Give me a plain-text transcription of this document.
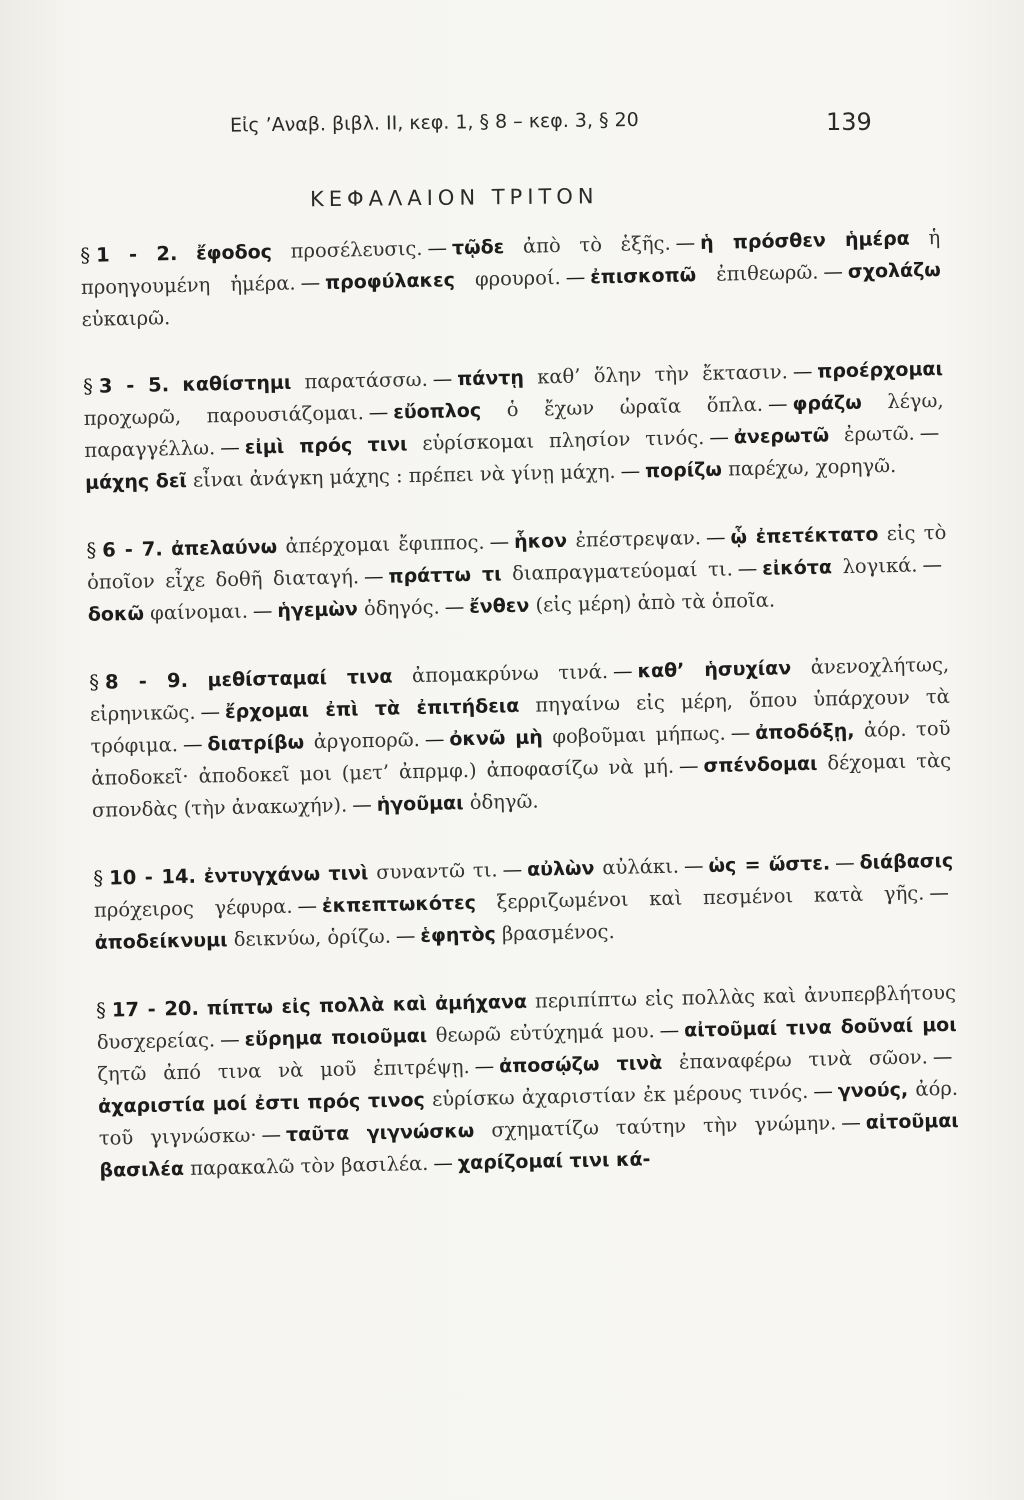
Εἰς ’Αναβ. βιβλ. ΙΙ, κεφ. 1, § 8 – κεφ. 3, § 20	139
ΚΕΦΑΛΑΙΟΝ ΤΡΙΤΟΝ
§ 1 - 2. ἔφοδος πρoσέλευσις. — τῷδε ἀπὸ τὸ ἑξῆς. — ἡ πρόσθεν ἡμέρα ἡ προηγουμένη ἡμέρα. — προφύλακες φρουροί. — ἐπισκοπῶ ἐπιθεωρῶ. — σχολάζω εὐκαιρῶ.
§ 3 - 5. καθίστημι παρατάσσω. — πάντῃ καθ’ ὅλην τὴν ἔκτασιν. — προέρχομαι προχωρῶ, παρουσιάζομαι. — εὔοπλος ὁ ἔχων ὡραῖα ὅπλα. — φράζω λέγω, παραγγέλλω. — εἰμὶ πρός τινι εὑρίσκομαι πλησίον τινός. — ἀνερωτῶ ἐρωτῶ. —μάχης δεῖ εἶναι ἀνάγκη μάχης : πρέπει νὰ γίνῃ μάχη. — πορίζω παρέχω, χορηγῶ.
§ 6 - 7. ἀπελαύνω ἀπέρχομαι ἔφιππος. — ἧκον ἐπέστρεψαν. — ᾧ ἐπετέκτατο εἰς τὸ ὁποῖον εἶχε δοθῆ διαταγή. — πράττω τι διαπραγματεύομαί τι. — εἰκότα λογικά. —δοκῶ φαίνομαι. — ἡγεμὼν ὁδηγός. — ἔνθεν (εἰς μέρη) ἀπὸ τὰ ὁποῖα.
§ 8 - 9. μεθίσταμαί τινα ἀπομακρύνω τινά. — καθ’ ἡσυχίαν ἀνενοχλήτως, εἰρηνικῶς. — ἔρχομαι ἐπὶ τὰ ἐπιτήδεια πηγαίνω εἰς μέρη, ὅπου ὑπάρχουν τὰ τρόφιμα. — διατρίβω ἀργοπορῶ. — ὀκνῶ μὴ φοβοῦμαι μήπως. — ἀποδόξῃ, ἀόρ. τοῦ ἀποδοκεῖ· ἀποδοκεῖ μοι (μετ’ ἀπρμφ.) ἀποφασίζω νὰ μή. — σπένδομαι δέχομαι τὰς σπονδὰς (τὴν ἀνακωχήν). — ἡγοῦμαι ὁδηγῶ.
§ 10 - 14. ἐντυγχάνω τινὶ συναντῶ τι. — αὐλὼν αὐλάκι. — ὡς = ὥστε. — διάβασις πρόχειρος γέφυρα. — ἐκπεπτωκότες ξερριζωμένοι καὶ πεσμένοι κατὰ γῆς. —ἀποδείκνυμι δεικνύω, ὁρίζω. — ἑφητὸς βρασμένος.
§ 17 - 20. πίπτω εἰς πολλὰ καὶ ἀμήχανα περιπίπτω εἰς πολλὰς καὶ ἀνυπερβλήτους δυσχερείας. — εὕρημα ποιοῦμαι θεωρῶ εὐτύχημά μου. — αἰτοῦμαί τινα δοῦναί μοι ζητῶ ἀπό τινα νὰ μοῦ ἐπιτρέψῃ. — ἀποσῴζω τινὰ ἐπαναφέρω τινὰ σῶον. —ἀχαριστία μοί ἐστι πρός τινος εὑρίσκω ἀχαριστίαν ἐκ μέρους τινός. — γνούς, ἀόρ. τοῦ γιγνώσκω· — ταῦτα γιγνώσκω σχηματίζω ταύτην τὴν γνώμην. — αἰτοῦμαι βασιλέα παρακαλῶ τὸν βασιλέα. — χαρίζομαί τινι κά-
